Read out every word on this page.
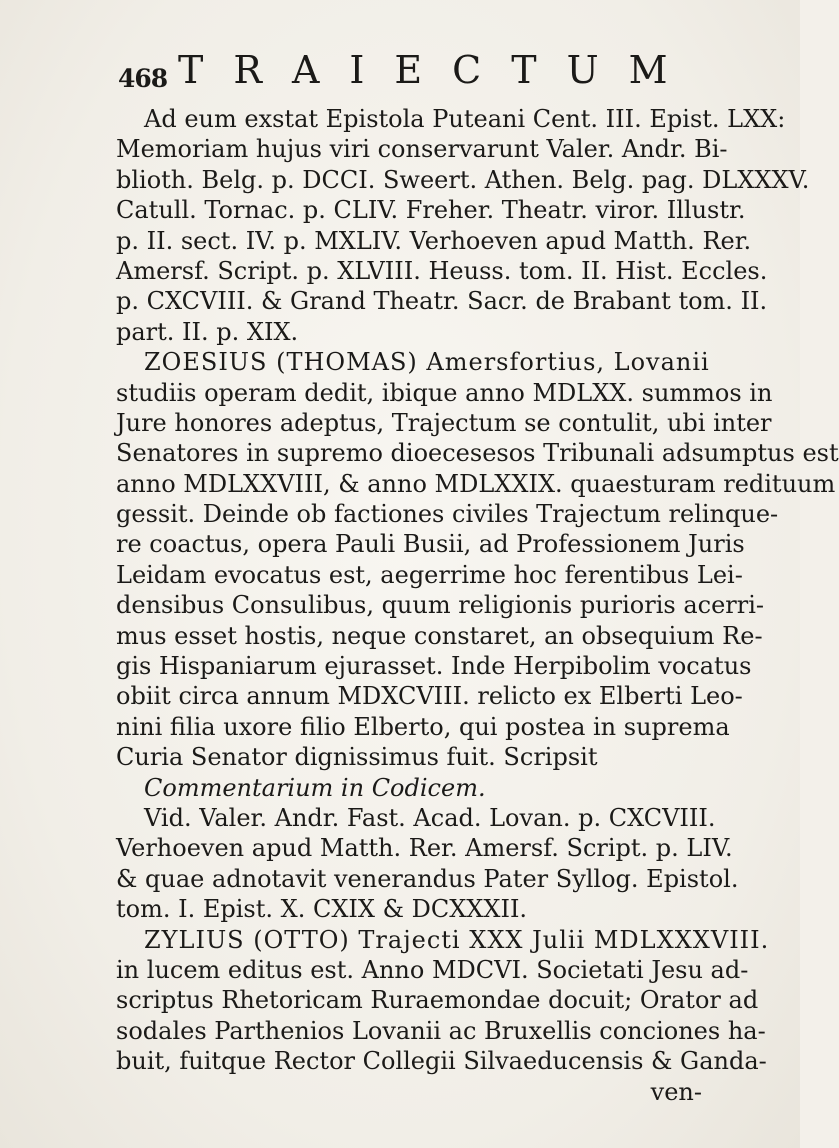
468 TRAIECTUM
Ad eum exstat Epistola Puteani Cent. III. Epist. LXX:
Memoriam hujus viri conservarunt Valer. Andr. Bi-
blioth. Belg. p. DCCI. Sweert. Athen. Belg. pag. DLXXXV.
Catull. Tornac. p. CLIV. Freher. Theatr. viror. Illustr.
p. II. sect. IV. p. MXLIV. Verhoeven apud Matth. Rer.
Amersf. Script. p. XLVIII. Heuss. tom. II. Hist. Eccles.
p. CXCVIII. & Grand Theatr. Sacr. de Brabant tom. II.
part. II. p. XIX.
ZOESIUS (THOMAS) Amersfortius, Lovanii
studiis operam dedit, ibique anno MDLXX. summos in
Jure honores adeptus, Trajectum se contulit, ubi inter
Senatores in supremo dioecesesos Tribunali adsumptus est
anno MDLXXVIII, & anno MDLXXIX. quaesturam redituum
gessit. Deinde ob factiones civiles Trajectum relinque-
re coactus, opera Pauli Busii, ad Professionem Juris
Leidam evocatus est, aegerrime hoc ferentibus Lei-
densibus Consulibus, quum religionis purioris acerri-
mus esset hostis, neque constaret, an obsequium Re-
gis Hispaniarum ejurasset. Inde Herpibolim vocatus
obiit circa annum MDXCVIII. relicto ex Elberti Leo-
nini filia uxore filio Elberto, qui postea in suprema
Curia Senator dignissimus fuit. Scripsit
Commentarium in Codicem.
Vid. Valer. Andr. Fast. Acad. Lovan. p. CXCVIII.
Verhoeven apud Matth. Rer. Amersf. Script. p. LIV.
& quae adnotavit venerandus Pater Syllog. Epistol.
tom. I. Epist. X. CXIX & DCXXXII.
ZYLIUS (OTTO) Trajecti XXX Julii MDLXXXVIII.
in lucem editus est. Anno MDCVI. Societati Jesu ad-
scriptus Rhetoricam Ruraemondae docuit; Orator ad
sodales Parthenios Lovanii ac Bruxellis conciones ha-
buit, fuitque Rector Collegii Silvaeducensis & Ganda-
ven-
